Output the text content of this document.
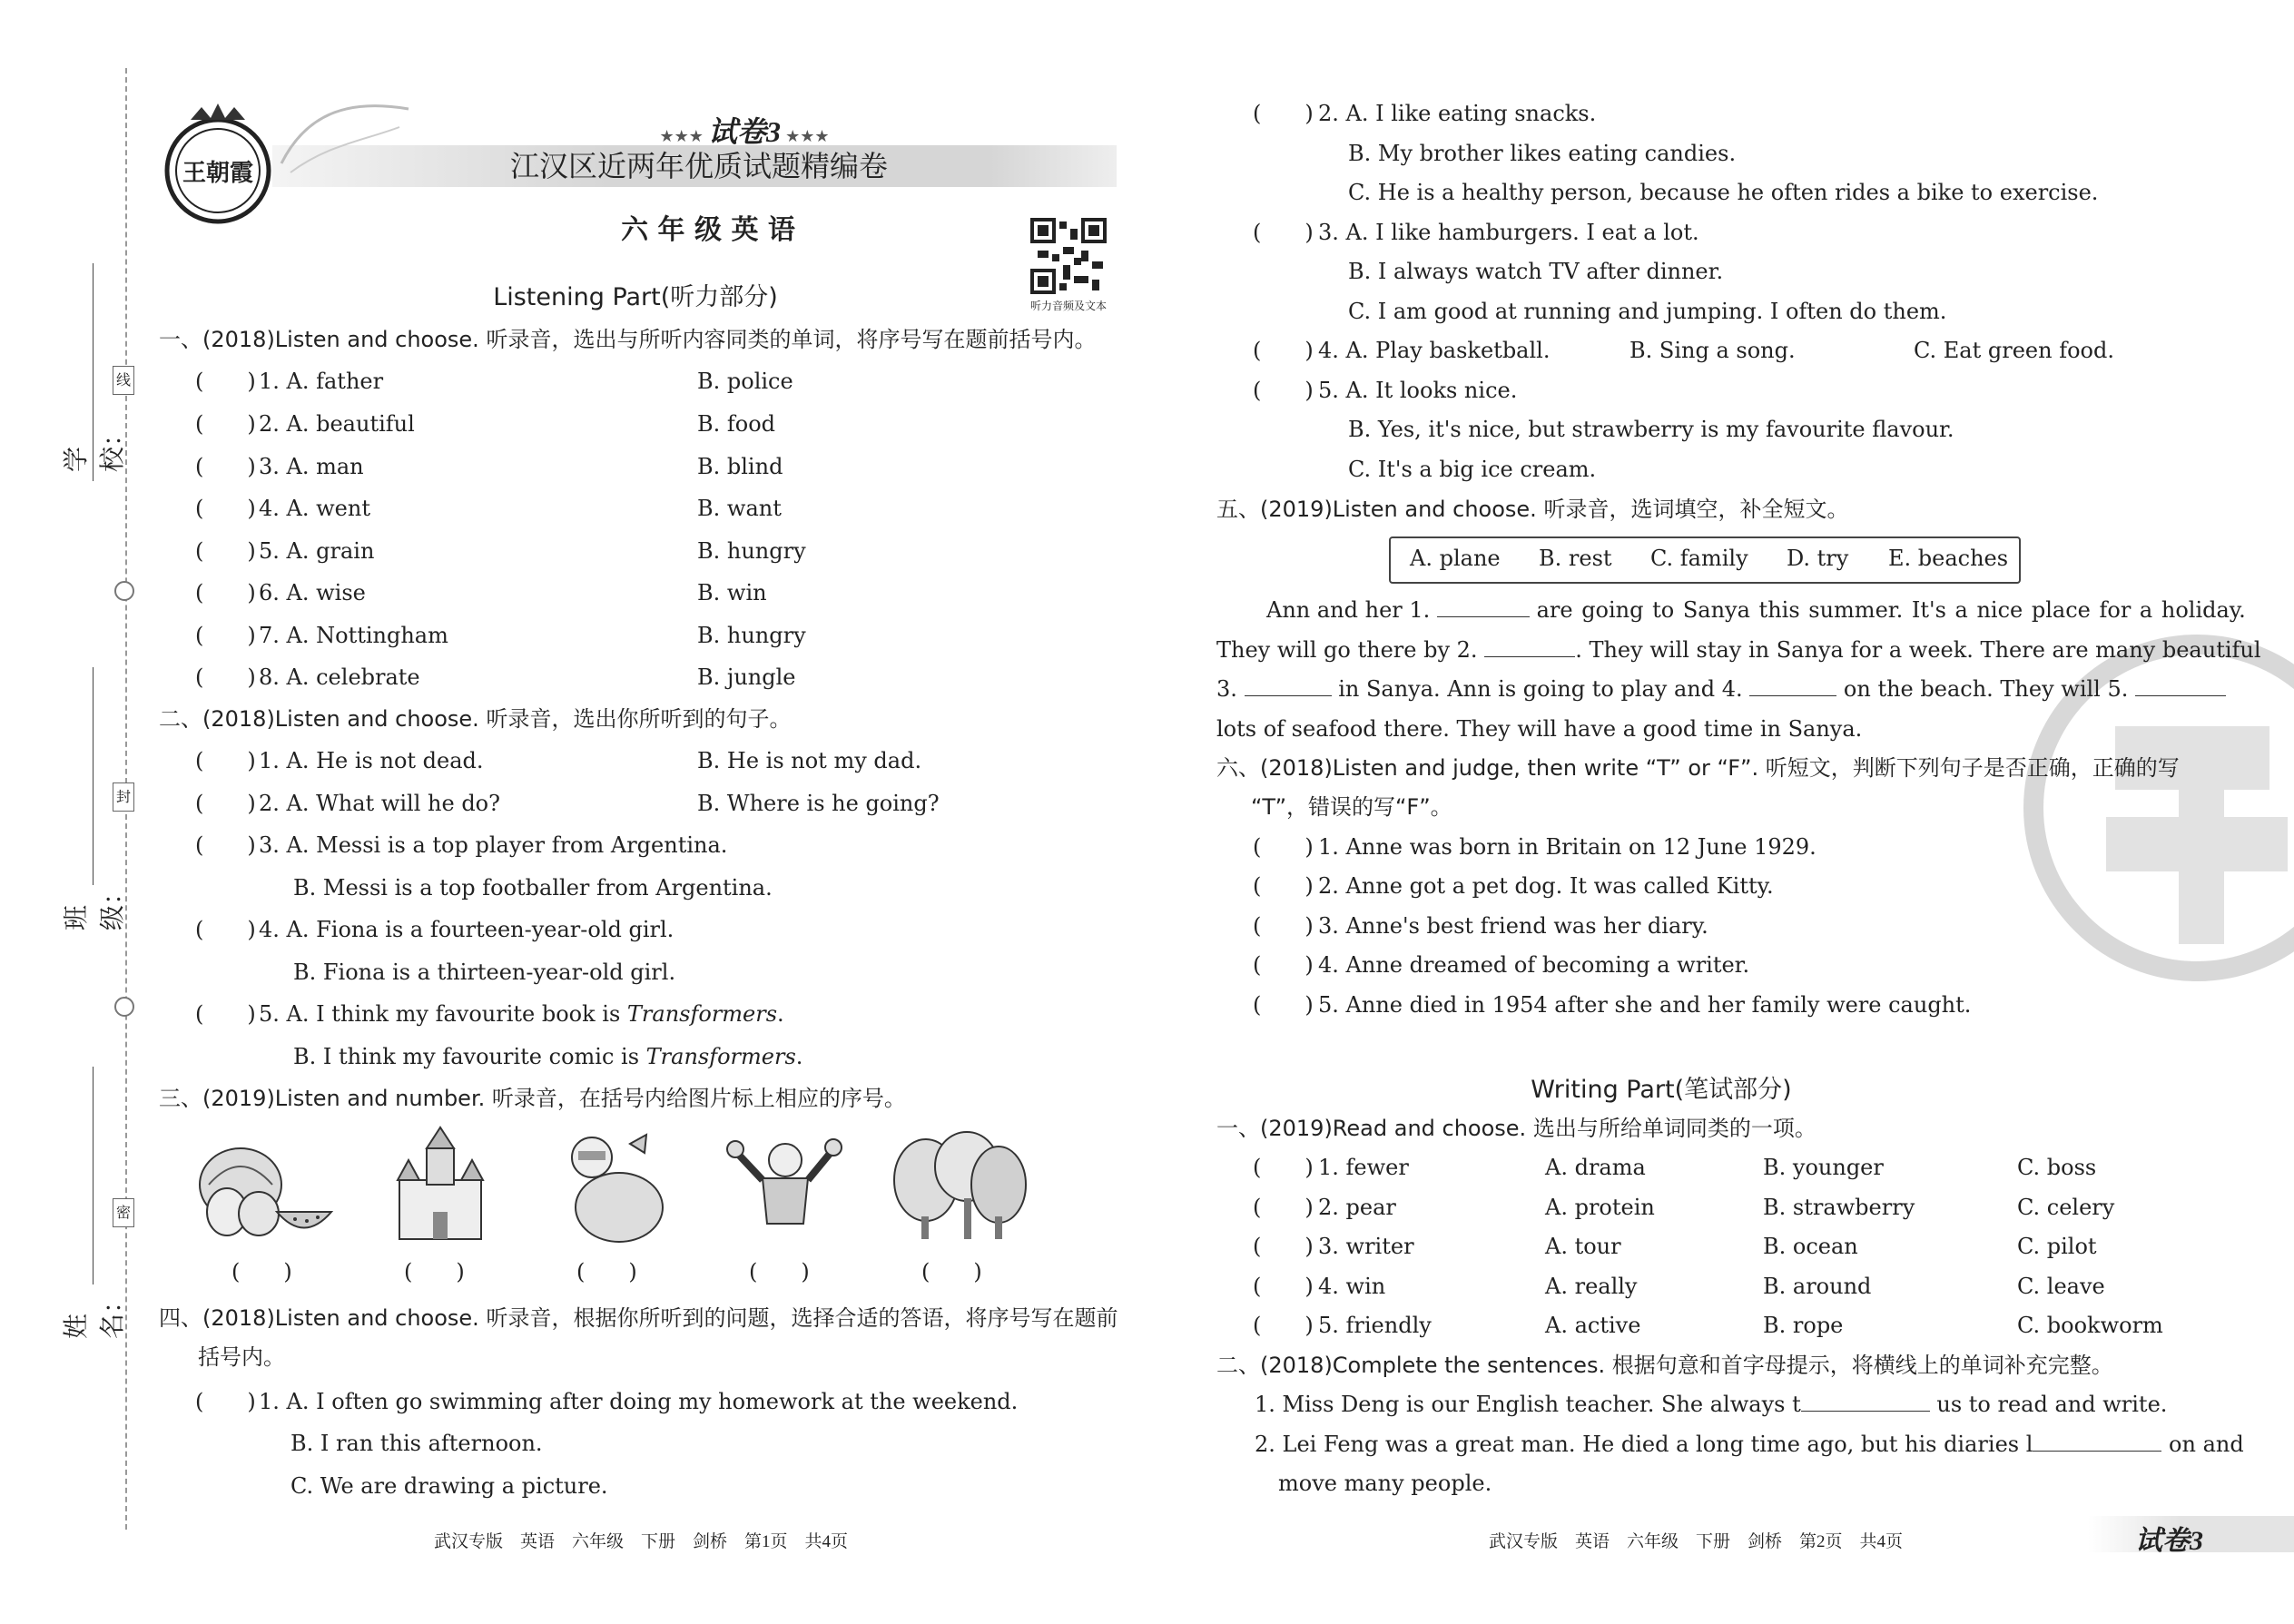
线
封
密
学校：
班级：
姓名：
王朝霞
★★★ 试卷3 ★★★
江汉区近两年优质试题精编卷
六 年 级 英 语
听力音频及文本
Listening Part(听力部分)
一、(2018)Listen and choose. 听录音，选出与所听内容同类的单词，将序号写在题前括号内。
(　　) 1. A. father	B. police
(　　) 2. A. beautiful	B. food
(　　) 3. A. man	B. blind
(　　) 4. A. went	B. want
(　　) 5. A. grain	B. hungry
(　　) 6. A. wise	B. win
(　　) 7. A. Nottingham	B. hungry
(　　) 8. A. celebrate	B. jungle
二、(2018)Listen and choose. 听录音，选出你所听到的句子。
(　　) 1. A. He is not dead.	B. He is not my dad.
(　　) 2. A. What will he do?	B. Where is he going?
(　　) 3. A. Messi is a top player from Argentina.
B. Messi is a top footballer from Argentina.
(　　) 4. A. Fiona is a fourteen-year-old girl.
B. Fiona is a thirteen-year-old girl.
(　　) 5. A. I think my favourite book is Transformers.
B. I think my favourite comic is Transformers.
三、(2019)Listen and number. 听录音，在括号内给图片标上相应的序号。
(　　)	(　　)	(　　)	(　　)	(　　)
四、(2018)Listen and choose. 听录音，根据你所听到的问题，选择合适的答语，将序号写在题前
括号内。
(　　) 1. A. I often go swimming after doing my homework at the weekend.
B. I ran this afternoon.
C. We are drawing a picture.
武汉专版　英语　六年级　下册　剑桥　第1页　共4页
(　　) 2. A. I like eating snacks.
B. My brother likes eating candies.
C. He is a healthy person, because he often rides a bike to exercise.
(　　) 3. A. I like hamburgers. I eat a lot.
B. I always watch TV after dinner.
C. I am good at running and jumping. I often do them.
(　　) 4. A. Play basketball.	B. Sing a song.	C. Eat green food.
(　　) 5. A. It looks nice.
B. Yes, it's nice, but strawberry is my favourite flavour.
C. It's a big ice cream.
五、(2019)Listen and choose. 听录音，选词填空，补全短文。
A. plane B. rest C. family D. try E. beaches
Ann and her 1.	are going to Sanya this summer. It's a nice place for a holiday.
They will go there by 2.	. They will stay in Sanya for a week. There are many beautiful
3.	in Sanya. Ann is going to play and 4.	on the beach. They will 5.
lots of seafood there. They will have a good time in Sanya.
六、(2018)Listen and judge, then write “T” or “F”. 听短文，判断下列句子是否正确，正确的写
“T”，错误的写“F”。
(　　) 1. Anne was born in Britain on 12 June 1929.
(　　) 2. Anne got a pet dog. It was called Kitty.
(　　) 3. Anne's best friend was her diary.
(　　) 4. Anne dreamed of becoming a writer.
(　　) 5. Anne died in 1954 after she and her family were caught.
Writing Part(笔试部分)
一、(2019)Read and choose. 选出与所给单词同类的一项。
(　　) 1. fewer	A. drama	B. younger	C. boss
(　　) 2. pear	A. protein	B. strawberry	C. celery
(　　) 3. writer	A. tour	B. ocean	C. pilot
(　　) 4. win	A. really	B. around	C. leave
(　　) 5. friendly	A. active	B. rope	C. bookworm
二、(2018)Complete the sentences. 根据句意和首字母提示，将横线上的单词补充完整。
1. Miss Deng is our English teacher. She always t	us to read and write.
2. Lei Feng was a great man. He died a long time ago, but his diaries l	on and
move many people.
武汉专版　英语　六年级　下册　剑桥　第2页　共4页	试卷3
